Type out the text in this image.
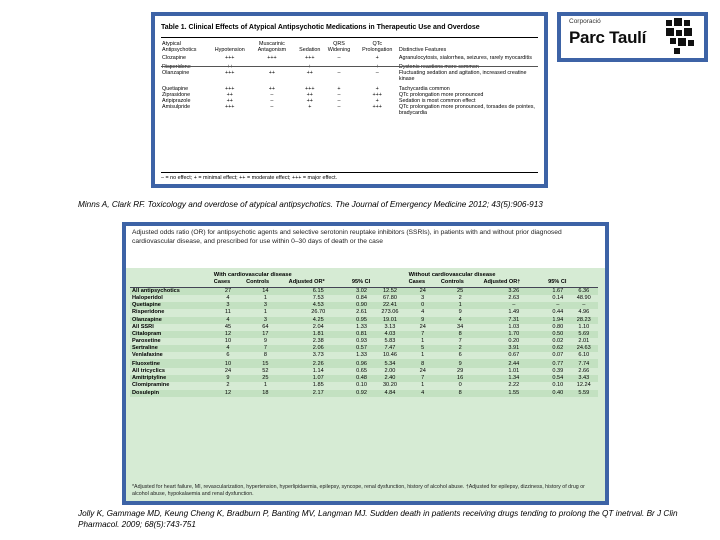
Table 1. Clinical Effects of Atypical Antipsychotic Medications in Therapeutic Use and Overdose
Atypical Antipsychotics	Hypotension	Muscarinic Antagonism	Sedation	QRS Widening	QTc Prolongation	Distinctive Features
Clozapine	+++	+++	+++	–	+	Agranulocytosis, sialorrhea, seizures, rarely myocarditis
Risperidone	++	–	+	–	+	Dystonic reactions more common
Olanzapine	+++	++	++	–	–	Fluctuating sedation and agitation, increased creatine kinase
Quetiapine	+++	++	+++	+	+	Tachycardia common
Ziprasidone	++	–	++	–	+++	QTc prolongation more pronounced
Aripiprazole	++	–	++	–	+	Sedation is most common effect
Amisulpride	+++	–	+	–	+++	QTc prolongation more pronounced, torsades de pointes, bradycardia
– = no effect; + = minimal effect; ++ = moderate effect; +++ = major effect.
Corporació
Parc Taulí
Minns A, Clark RF. Toxicology and overdose of atypical antipsychotics. The Journal of Emergency Medicine 2012; 43(5):906-913
Adjusted odds ratio (OR) for antipsychotic agents and selective serotonin reuptake inhibitors (SSRIs), in patients with and without prior diagnosed cardiovascular disease, and prescribed for use within 0–30 days of death or the case
	With cardiovascular disease					Without cardiovascular disease				
	Cases	Controls	Adjusted OR*	95% CI		Cases	Controls	Adjusted OR†	95% CI	
All antipsychotics	27	14	6.15	3.02	12.52	24	25	3.26	1.67	6.36
Haloperidol	4	1	7.53	0.84	67.80	3	2	2.63	0.14	48.90
Quetiapine	3	3	4.53	0.90	22.41	0	1	–	–	–
Risperidone	11	1	26.70	2.61	273.06	4	9	1.49	0.44	4.96
Olanzapine	4	3	4.25	0.95	19.01	9	4	7.31	1.94	28.23
All SSRI	45	64	2.04	1.33	3.13	24	34	1.03	0.80	1.10
Citalopram	12	17	1.81	0.81	4.03	7	8	1.70	0.50	5.69
Paroxetine	10	9	2.38	0.93	5.83	1	7	0.20	0.02	2.01
Sertraline	4	7	2.06	0.57	7.47	5	2	3.91	0.62	24.63
Venlafaxine	6	8	3.73	1.33	10.46	1	6	0.67	0.07	6.10
Fluoxetine	10	15	2.26	0.96	5.34	8	9	2.44	0.77	7.74
All tricyclics	24	52	1.14	0.65	2.00	24	29	1.01	0.39	2.66
Amitriptyline	9	25	1.07	0.48	2.40	7	16	1.34	0.54	3.43
Clomipramine	2	1	1.85	0.10	30.20	1	0	2.22	0.10	12.24
Dosulepin	12	18	2.17	0.92	4.84	4	8	1.55	0.40	5.59
*Adjusted for heart failure, MI, revascularization, hypertension, hyperlipidaemia, epilepsy, syncope, renal dysfunction, history of alcohol abuse. †Adjusted for epilepsy, dizziness, history of drug or alcohol abuse, hypokalaemia and renal dysfunction.
Jolly K, Gammage MD, Keung Cheng K, Bradburn P, Banting MV, Langman MJ. Sudden death in patients receiving drugs tending to prolong the QT inetrval. Br J Clin Pharmacol. 2009; 68(5):743-751
